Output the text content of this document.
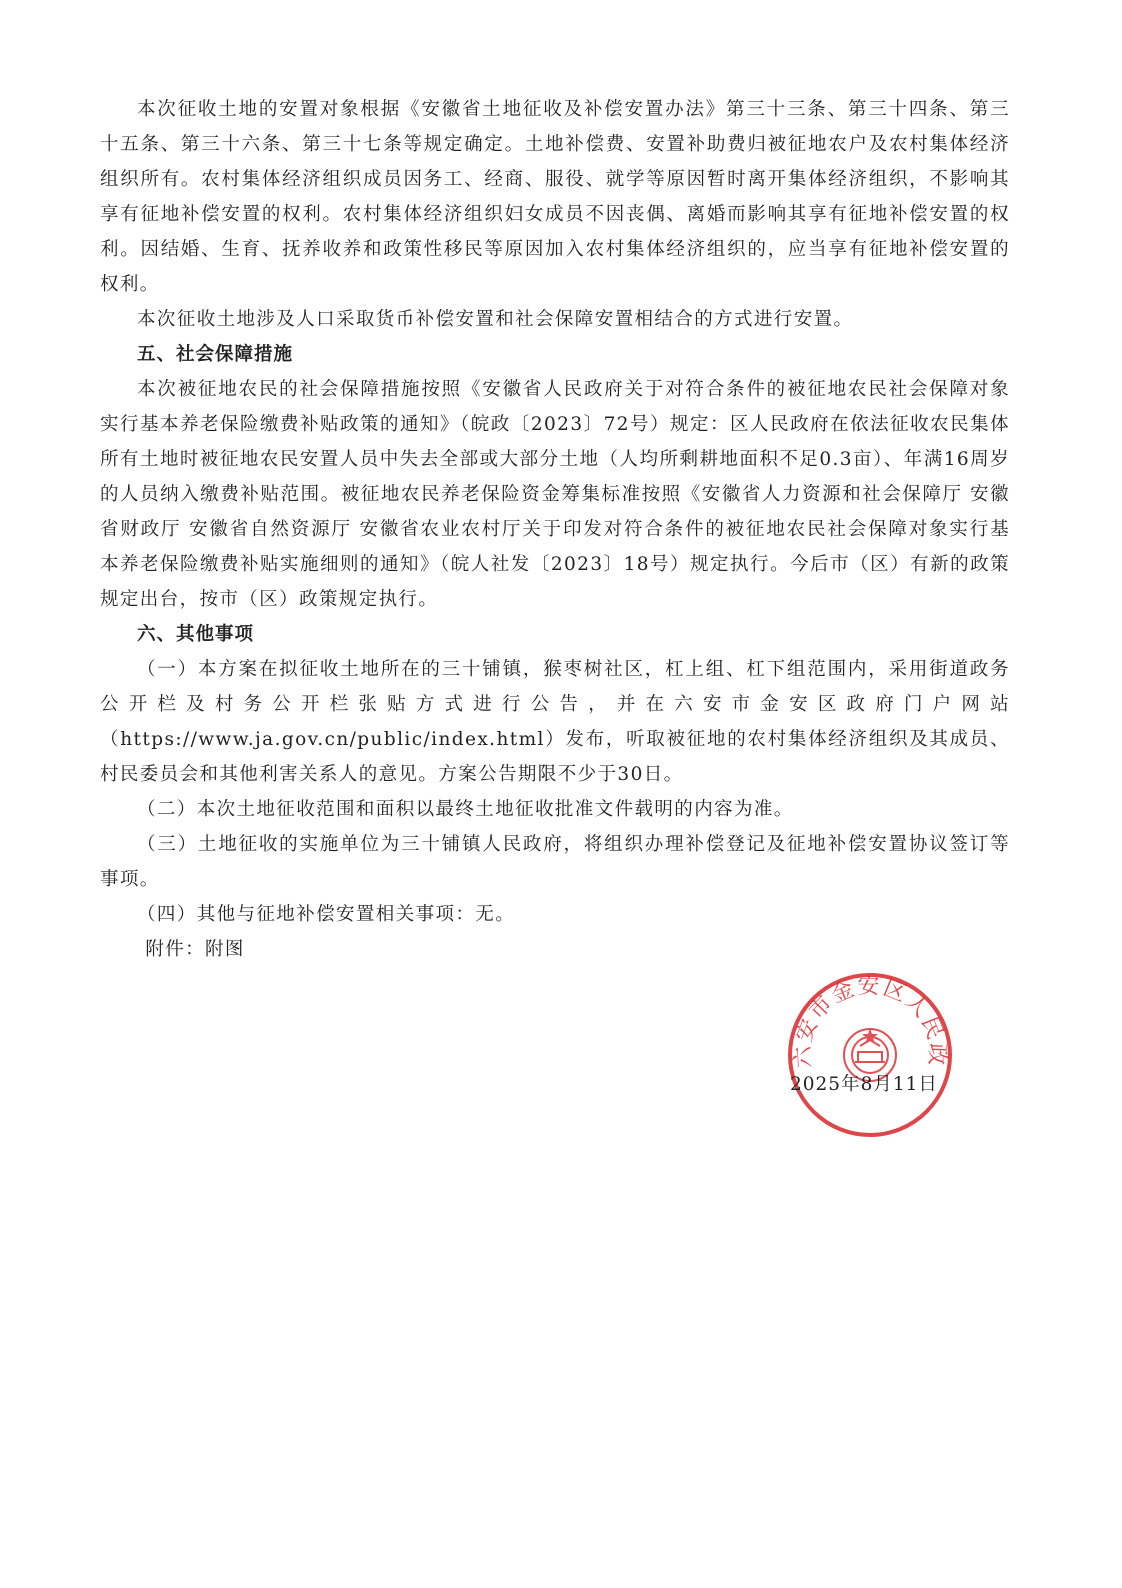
本次征收土地的安置对象根据《安徽省土地征收及补偿安置办法》第三十三条、第三十四条、第三十五条、第三十六条、第三十七条等规定确定。土地补偿费、安置补助费归被征地农户及农村集体经济组织所有。农村集体经济组织成员因务工、经商、服役、就学等原因暂时离开集体经济组织，不影响其享有征地补偿安置的权利。农村集体经济组织妇女成员不因丧偶、离婚而影响其享有征地补偿安置的权利。因结婚、生育、抚养收养和政策性移民等原因加入农村集体经济组织的，应当享有征地补偿安置的权利。

本次征收土地涉及人口采取货币补偿安置和社会保障安置相结合的方式进行安置。

五、社会保障措施

本次被征地农民的社会保障措施按照《安徽省人民政府关于对符合条件的被征地农民社会保障对象实行基本养老保险缴费补贴政策的通知》（皖政〔2023〕72号）规定：区人民政府在依法征收农民集体所有土地时被征地农民安置人员中失去全部或大部分土地（人均所剩耕地面积不足0.3亩）、年满16周岁的人员纳入缴费补贴范围。被征地农民养老保险资金筹集标准按照《安徽省人力资源和社会保障厅 安徽省财政厅 安徽省自然资源厅 安徽省农业农村厅关于印发对符合条件的被征地农民社会保障对象实行基本养老保险缴费补贴实施细则的通知》（皖人社发〔2023〕18号）规定执行。今后市（区）有新的政策规定出台，按市（区）政策规定执行。

六、其他事项

（一）本方案在拟征收土地所在的三十铺镇，猴枣树社区，杠上组、杠下组范围内，采用街道政务公开栏及村务公开栏张贴方式进行公告，并在六安市金安区政府门户网站（https://www.ja.gov.cn/public/index.html）发布，听取被征地的农村集体经济组织及其成员、村民委员会和其他利害关系人的意见。方案公告期限不少于30日。

（二）本次土地征收范围和面积以最终土地征收批准文件载明的内容为准。

（三）土地征收的实施单位为三十铺镇人民政府，将组织办理补偿登记及征地补偿安置协议签订等事项。

（四）其他与征地补偿安置相关事项：无。

附件：附图

六安市金安区人民政
2025年8月11日
